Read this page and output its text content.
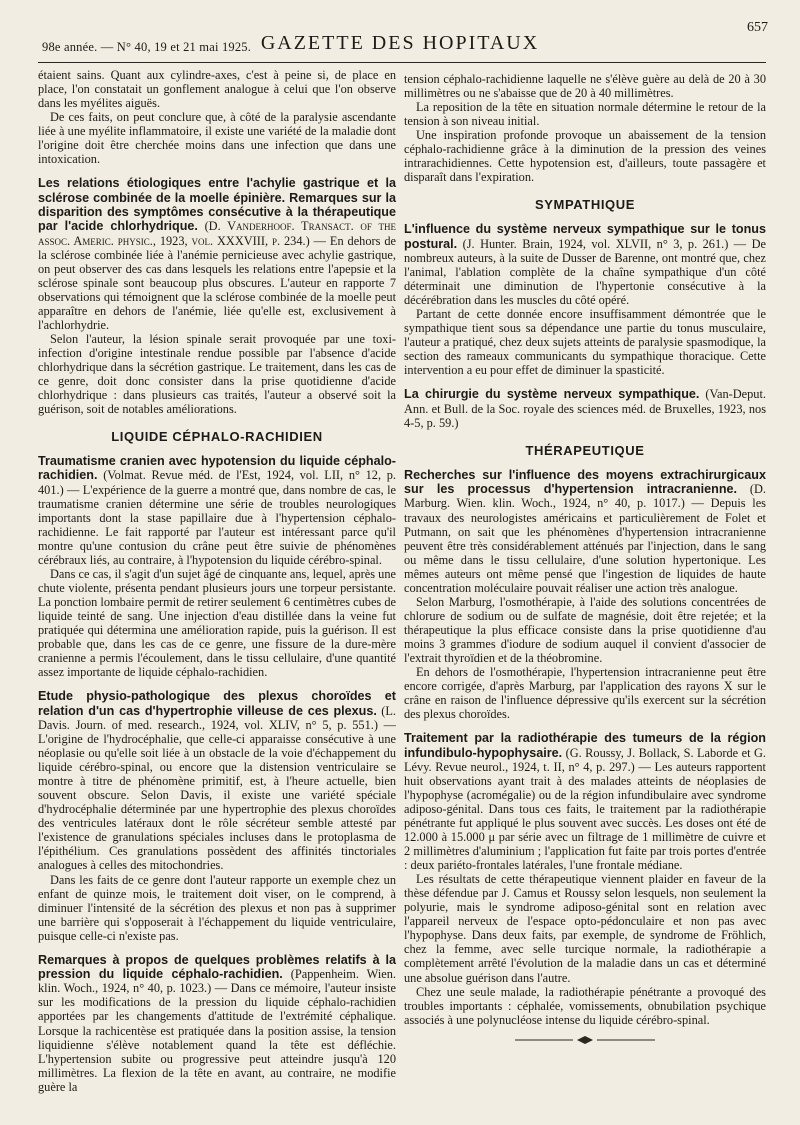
98e année. — N° 40, 19 et 21 mai 1925. GAZETTE DES HOPITAUX
657

étaient sains. Quant aux cylindre-axes, c'est à peine si, de place en place, l'on constatait un gonflement analogue à celui que l'on observe dans les myélites aiguës.

De ces faits, on peut conclure que, à côté de la paralysie ascendante liée à une myélite inflammatoire, il existe une variété de la maladie dont l'origine doit être cherchée moins dans une infection que dans une intoxication.

Les relations étiologiques entre l'achylie gastrique et la sclérose combinée de la moelle épinière. Remarques sur la disparition des symptômes consécutive à la thérapeutique par l'acide chlorhydrique. (D. Vanderhoof. Transact. of the assoc. Americ. physic., 1923, vol. XXXVIII, p. 234.) — En dehors de la sclérose combinée liée à l'anémie pernicieuse avec achylie gastrique, on peut observer des cas dans lesquels les relations entre l'apepsie et la sclérose spinale sont beaucoup plus obscures. L'auteur en rapporte 7 observations qui témoignent que la sclérose combinée de la moelle peut apparaître en dehors de l'anémie, liée qu'elle est, exclusivement à l'achlorhydrie.

Selon l'auteur, la lésion spinale serait provoquée par une toxi-infection d'origine intestinale rendue possible par l'absence d'acide chlorhydrique dans la sécrétion gastrique. Le traitement, dans les cas de ce genre, doit donc consister dans la prise quotidienne d'acide chlorhydrique : dans plusieurs cas traités, l'auteur a observé soit la guérison, soit de notables améliorations.

LIQUIDE CÉPHALO-RACHIDIEN

Traumatisme cranien avec hypotension du liquide céphalo-rachidien. (Volmat. Revue méd. de l'Est, 1924, vol. LII, n° 12, p. 401.) — L'expérience de la guerre a montré que, dans nombre de cas, le traumatisme cranien détermine une série de troubles neurologiques importants dont la stase papillaire due à l'hypertension céphalo-rachidienne. Le fait rapporté par l'auteur est intéressant parce qu'il montre qu'une contusion du crâne peut être suivie de phénomènes cérébraux liés, au contraire, à l'hypotension du liquide cérébro-spinal.

Dans ce cas, il s'agit d'un sujet âgé de cinquante ans, lequel, après une chute violente, présenta pendant plusieurs jours une torpeur persistante. La ponction lombaire permit de retirer seulement 6 centimètres cubes de liquide teinté de sang. Une injection d'eau distillée dans la veine fut pratiquée qui détermina une amélioration rapide, puis la guérison. Il est probable que, dans les cas de ce genre, une fissure de la dure-mère cranienne a permis l'écoulement, dans le tissu cellulaire, d'une quantité assez importante de liquide céphalo-rachidien.

Etude physio-pathologique des plexus choroïdes et relation d'un cas d'hypertrophie villeuse de ces plexus. (L. Davis. Journ. of med. research., 1924, vol. XLIV, n° 5, p. 551.) — L'origine de l'hydrocéphalie, que celle-ci apparaisse consécutive à une néoplasie ou qu'elle soit liée à un obstacle de la voie d'échappement du liquide cérébro-spinal, ou encore que la distension ventriculaire se montre à titre de phénomène primitif, est, à l'heure actuelle, bien souvent obscure. Selon Davis, il existe une variété spéciale d'hydrocéphalie déterminée par une hypertrophie des plexus choroïdes des ventricules latéraux dont le rôle sécréteur semble attesté par l'existence de granulations spéciales incluses dans le protoplasma de l'épithélium. Ces granulations possèdent des affinités tinctoriales analogues à celles des mitochondries.

Dans les faits de ce genre dont l'auteur rapporte un exemple chez un enfant de quinze mois, le traitement doit viser, on le comprend, à diminuer l'intensité de la sécrétion des plexus et non pas à supprimer une barrière qui s'opposerait à l'échappement du liquide ventriculaire, puisque celle-ci n'existe pas.

Remarques à propos de quelques problèmes relatifs à la pression du liquide céphalo-rachidien. (Pappenheim. Wien. klin. Woch., 1924, n° 40, p. 1023.) — Dans ce mémoire, l'auteur insiste sur les modifications de la pression du liquide céphalo-rachidien apportées par les changements d'attitude de l'extrémité céphalique. Lorsque la rachicentèse est pratiquée dans la position assise, la tension liquidienne s'élève notablement quand la tête est défléchie. L'hypertension subite ou progressive peut atteindre jusqu'à 120 millimètres. La flexion de la tête en avant, au contraire, ne modifie guère la

tension céphalo-rachidienne laquelle ne s'élève guère au delà de 20 à 30 millimètres ou ne s'abaisse que de 20 à 40 millimètres.

La reposition de la tête en situation normale détermine le retour de la tension à son niveau initial.

Une inspiration profonde provoque un abaissement de la tension céphalo-rachidienne grâce à la diminution de la pression des veines intrarachidiennes. Cette hypotension est, d'ailleurs, toute passagère et disparaît dans l'expiration.

SYMPATHIQUE

L'influence du système nerveux sympathique sur le tonus postural. (J. Hunter. Brain, 1924, vol. XLVII, n° 3, p. 261.) — De nombreux auteurs, à la suite de Dusser de Barenne, ont montré que, chez l'animal, l'ablation complète de la chaîne sympathique d'un côté déterminait une diminution de l'hypertonie consécutive à la décérébration dans les muscles du côté opéré.

Partant de cette donnée encore insuffisamment démontrée que le sympathique tient sous sa dépendance une partie du tonus musculaire, l'auteur a pratiqué, chez deux sujets atteints de paralysie spasmodique, la section des rameaux communicants du sympathique thoracique. Cette intervention a eu pour effet de diminuer la spasticité.

La chirurgie du système nerveux sympathique. (Van-Deput. Ann. et Bull. de la Soc. royale des sciences méd. de Bruxelles, 1923, nos 4-5, p. 59.)

THÉRAPEUTIQUE

Recherches sur l'influence des moyens extrachirurgicaux sur les processus d'hypertension intracranienne. (D. Marburg. Wien. klin. Woch., 1924, n° 40, p. 1017.) — Depuis les travaux des neurologistes américains et particulièrement de Folet et Putmann, on sait que les phénomènes d'hypertension intracranienne peuvent être très considérablement atténués par l'injection, dans le sang ou même dans le tissu cellulaire, d'une solution hypertonique. Les mêmes auteurs ont même pensé que l'ingestion de liquides de haute concentration moléculaire pouvait réaliser une action très analogue.

Selon Marburg, l'osmothérapie, à l'aide des solutions concentrées de chlorure de sodium ou de sulfate de magnésie, doit être rejetée; et la thérapeutique la plus efficace consiste dans la prise quotidienne d'au moins 3 grammes d'iodure de sodium auquel il convient d'associer de l'extrait thyroïdien et de la théobromine.

En dehors de l'osmothérapie, l'hypertension intracranienne peut être encore corrigée, d'après Marburg, par l'application des rayons X sur le crâne en raison de l'influence dépressive qu'ils exercent sur la sécrétion des plexus choroïdes.

Traitement par la radiothérapie des tumeurs de la région infundibulo-hypophysaire. (G. Roussy, J. Bollack, S. Laborde et G. Lévy. Revue neurol., 1924, t. II, n° 4, p. 297.) — Les auteurs rapportent huit observations ayant trait à des malades atteints de néoplasies de l'hypophyse (acromégalie) ou de la région infundibulaire avec syndrome adiposo-génital. Dans tous ces faits, le traitement par la radiothérapie pénétrante fut appliqué le plus souvent avec succès. Les doses ont été de 12.000 à 15.000 μ par série avec un filtrage de 1 millimètre de cuivre et 2 millimètres d'aluminium ; l'application fut faite par trois portes d'entrée : deux pariéto-frontales latérales, l'une frontale médiane.

Les résultats de cette thérapeutique viennent plaider en faveur de la thèse défendue par J. Camus et Roussy selon lesquels, non seulement la polyurie, mais le syndrome adiposo-génital sont en relation avec l'appareil nerveux de l'espace opto-pédonculaire et non pas avec l'hypophyse. Dans deux faits, par exemple, de syndrome de Fröhlich, chez la femme, avec selle turcique normale, la radiothérapie a complètement arrêté l'évolution de la maladie dans un cas et déterminé une absolue guérison dans l'autre.

Chez une seule malade, la radiothérapie pénétrante a provoqué des troubles importants : céphalée, vomissements, obnubilation psychique associés à une polynucléose intense du liquide cérébro-spinal.
